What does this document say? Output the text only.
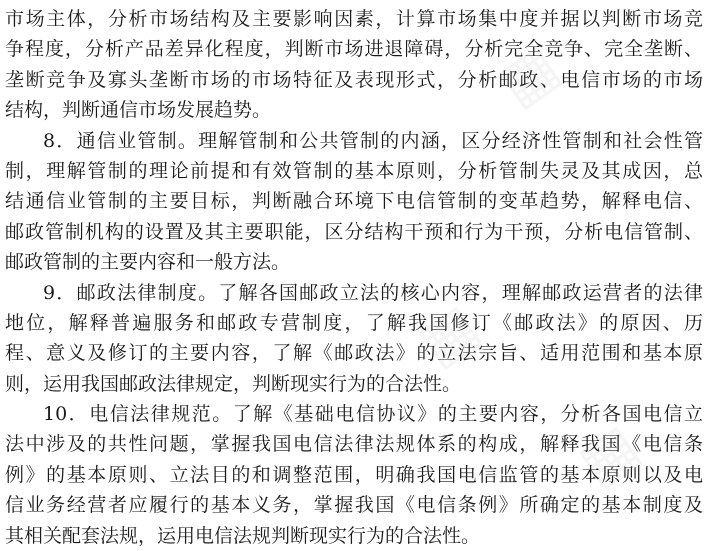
▦
▦
▦
市场主体，分析市场结构及主要影响因素，计算市场集中度并据以判断市场竞
争程度，分析产品差异化程度，判断市场进退障碍，分析完全竞争、完全垄断、
垄断竞争及寡头垄断市场的市场特征及表现形式，分析邮政、电信市场的市场
结构，判断通信市场发展趋势。
8．通信业管制。理解管制和公共管制的内涵，区分经济性管制和社会性管
制，理解管制的理论前提和有效管制的基本原则，分析管制失灵及其成因，总
结通信业管制的主要目标，判断融合环境下电信管制的变革趋势，解释电信、
邮政管制机构的设置及其主要职能，区分结构干预和行为干预，分析电信管制、
邮政管制的主要内容和一般方法。
9．邮政法律制度。了解各国邮政立法的核心内容，理解邮政运营者的法律
地位，解释普遍服务和邮政专营制度，了解我国修订《邮政法》的原因、历
程、意义及修订的主要内容，了解《邮政法》的立法宗旨、适用范围和基本原
则，运用我国邮政法律规定，判断现实行为的合法性。
10．电信法律规范。了解《基础电信协议》的主要内容，分析各国电信立
法中涉及的共性问题，掌握我国电信法律法规体系的构成，解释我国《电信条
例》的基本原则、立法目的和调整范围，明确我国电信监管的基本原则以及电
信业务经营者应履行的基本义务，掌握我国《电信条例》所确定的基本制度及
其相关配套法规，运用电信法规判断现实行为的合法性。
